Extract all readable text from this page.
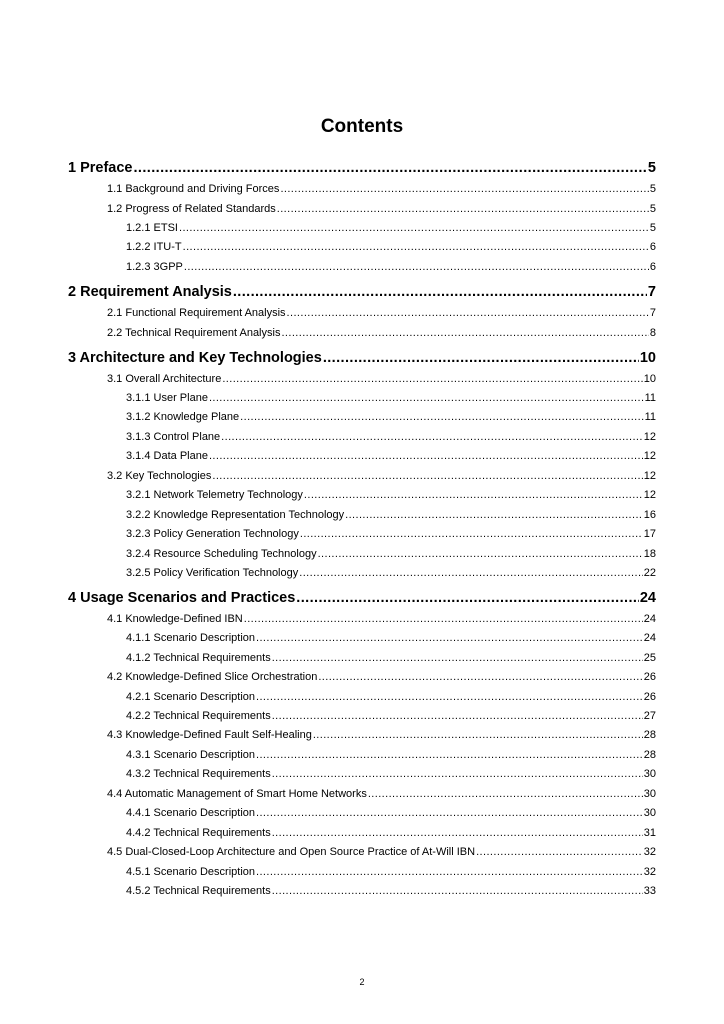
Contents
1 Preface .....	5
1.1 Background and Driving Forces .....	5
1.2 Progress of Related Standards .....	5
1.2.1 ETSI .....	5
1.2.2 ITU-T .....	6
1.2.3 3GPP .....	6
2 Requirement Analysis .....	7
2.1 Functional Requirement Analysis .....	7
2.2 Technical Requirement Analysis .....	8
3 Architecture and Key Technologies .....	10
3.1 Overall Architecture .....	10
3.1.1 User Plane .....	11
3.1.2 Knowledge Plane .....	11
3.1.3 Control Plane .....	12
3.1.4 Data Plane .....	12
3.2 Key Technologies .....	12
3.2.1 Network Telemetry Technology .....	12
3.2.2 Knowledge Representation Technology .....	16
3.2.3 Policy Generation Technology .....	17
3.2.4 Resource Scheduling Technology .....	18
3.2.5 Policy Verification Technology .....	22
4 Usage Scenarios and Practices .....	24
4.1 Knowledge-Defined IBN .....	24
4.1.1 Scenario Description .....	24
4.1.2 Technical Requirements .....	25
4.2 Knowledge-Defined Slice Orchestration .....	26
4.2.1 Scenario Description .....	26
4.2.2 Technical Requirements .....	27
4.3 Knowledge-Defined Fault Self-Healing .....	28
4.3.1 Scenario Description .....	28
4.3.2 Technical Requirements .....	30
4.4 Automatic Management of Smart Home Networks .....	30
4.4.1 Scenario Description .....	30
4.4.2 Technical Requirements .....	31
4.5 Dual-Closed-Loop Architecture and Open Source Practice of At-Will IBN .....	32
4.5.1 Scenario Description .....	32
4.5.2 Technical Requirements .....	33
2
